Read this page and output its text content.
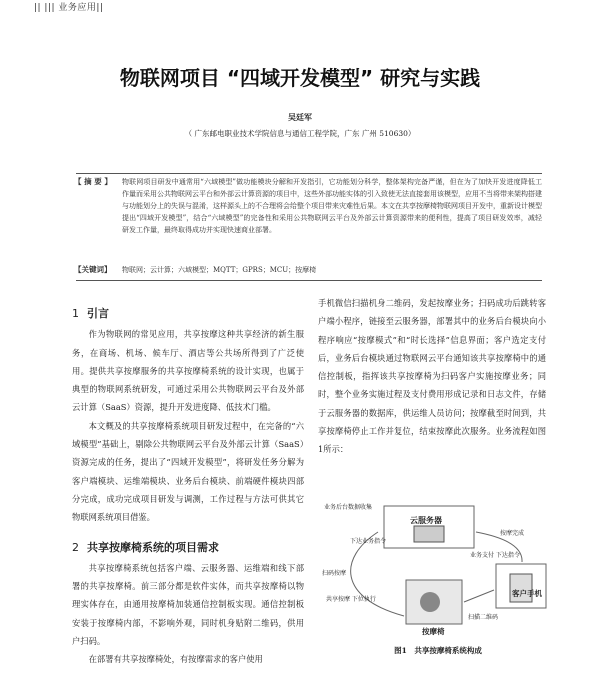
|| ||| 业务应用||
物联网项目 “四域开发模型” 研究与实践
吴廷军
（ 广东邮电职业技术学院信息与通信工程学院，广东 广州 510630）
【 摘 要 】 物联网项目研发中通常用“六域模型”做功能模块分解和开发指引，它功能划分科学，整体架构完备严谨，但在为了加快开发进度降低工作量而采用公共物联网云平台和外部云计算资源的项目中，这些外部功能实体的引入致使无法直接套用该模型，应用不当将带来架构搭建与功能划分上的失误与混淆，这样源头上的不合理将会给整个项目带来灾难性后果。本文在共享按摩椅物联网项目开发中，重新设计模型提出“四域开发模型”，结合“六域模型”的完备性和采用公共物联网云平台及外部云计算资源带来的便利性，提高了项目研发效率，减轻研发工作量，最终取得成功并实现快速商业部署。
【关键词】 物联网；云计算；六域模型；MQTT；GPRS；MCU；按摩椅

1 引言

作为物联网的常见应用，共享按摩这种共享经济的新生服务，在商场、机场、候车厅、酒店等公共场所得到了广泛使用。提供共享按摩服务的共享按摩椅系统的设计实现，也属于典型的物联网系统研发，可通过采用公共物联网云平台及外部云计算（SaaS）资源，提升开发进度降、低技术门槛。

本文概及的共享按摩椅系统项目研发过程中，在完备的“六域模型”基础上，剔除公共物联网云平台及外部云计算（SaaS）资源完成的任务，提出了“四域开发模型”，将研发任务分解为客户端模块、运维端模块、业务后台模块、前端硬件模块四部分完成，成功完成项目研发与调测，工作过程与方法可供其它物联网系统项目借鉴。

2 共享按摩椅系统的项目需求

共享按摩椅系统包括客户端、云服务器、运维端和线下部署的共享按摩椅。前三部分都是软件实体，而共享按摩椅以物理实体存在，由通用按摩椅加装通信控制板实现。通信控制板安装于按摩椅内部，不影响外观，同时机身贴附二维码，供用户扫码。

在部署有共享按摩椅处，有按摩需求的客户使用

手机微信扫描机身二维码，发起按摩业务；扫码成功后跳转客户端小程序，链接至云服务器，部署其中的业务后台模块向小程序响应“按摩模式”和“时长选择”信息界面；客户选定支付后，业务后台模块通过物联网云平台通知该共享按摩椅中的通信控制板，指挥该共享按摩椅为扫码客户实施按摩业务；同时，整个业务实施过程及支付费用形成记录和日志文件，存储于云服务器的数据库，供运维人员访问；按摩截至时间到，共享按摩椅停止工作并复位，结束按摩此次服务。业务流程如图1所示：

云服务器
客户手机
按摩椅
业务后台数据收集
下达业务指令
扫码按摩
按摩完成
业务支付 下达指令
共享按摩 下位执行
扫描二维码
图1　共享按摩椅系统构成
